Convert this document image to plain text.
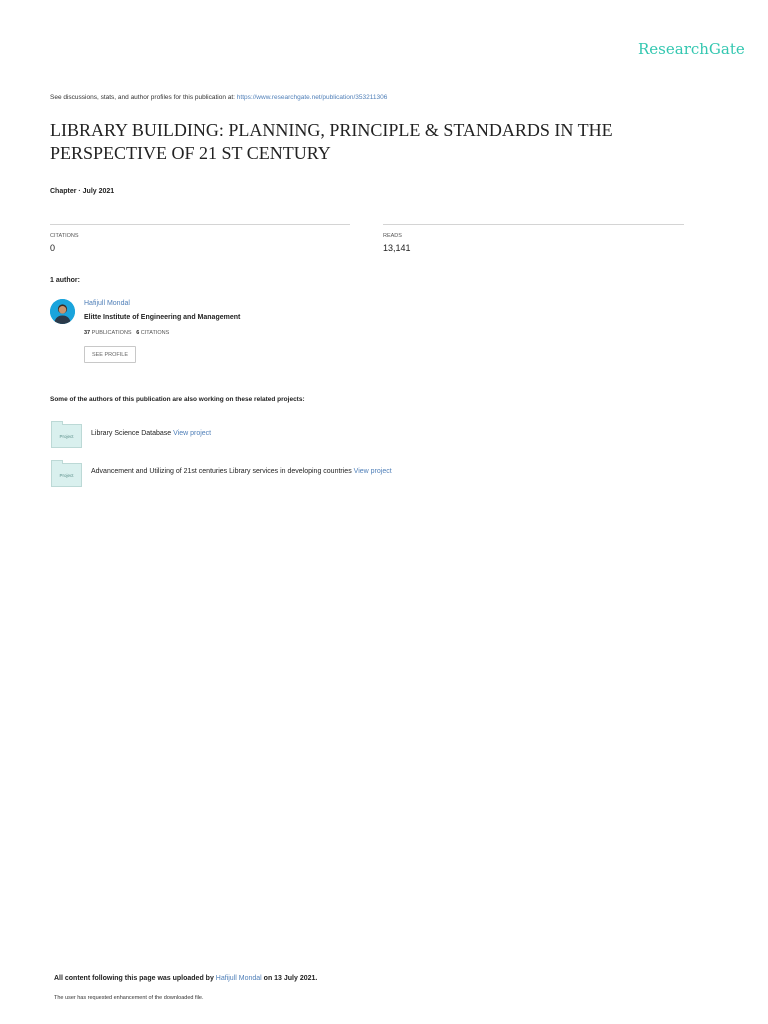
ResearchGate
See discussions, stats, and author profiles for this publication at: https://www.researchgate.net/publication/353211306
LIBRARY BUILDING: PLANNING, PRINCIPLE & STANDARDS IN THE PERSPECTIVE OF 21 ST CENTURY
Chapter · July 2021
CITATIONS
0
READS
13,141
1 author:
Hafijull Mondal
Elitte Institute of Engineering and Management
37 PUBLICATIONS 6 CITATIONS
SEE PROFILE
Some of the authors of this publication are also working on these related projects:
Project	Library Science Database View project
Project
Advancement and Utilizing of 21st centuries Library services in developing countries View project
All content following this page was uploaded by Hafijull Mondal on 13 July 2021.
The user has requested enhancement of the downloaded file.
